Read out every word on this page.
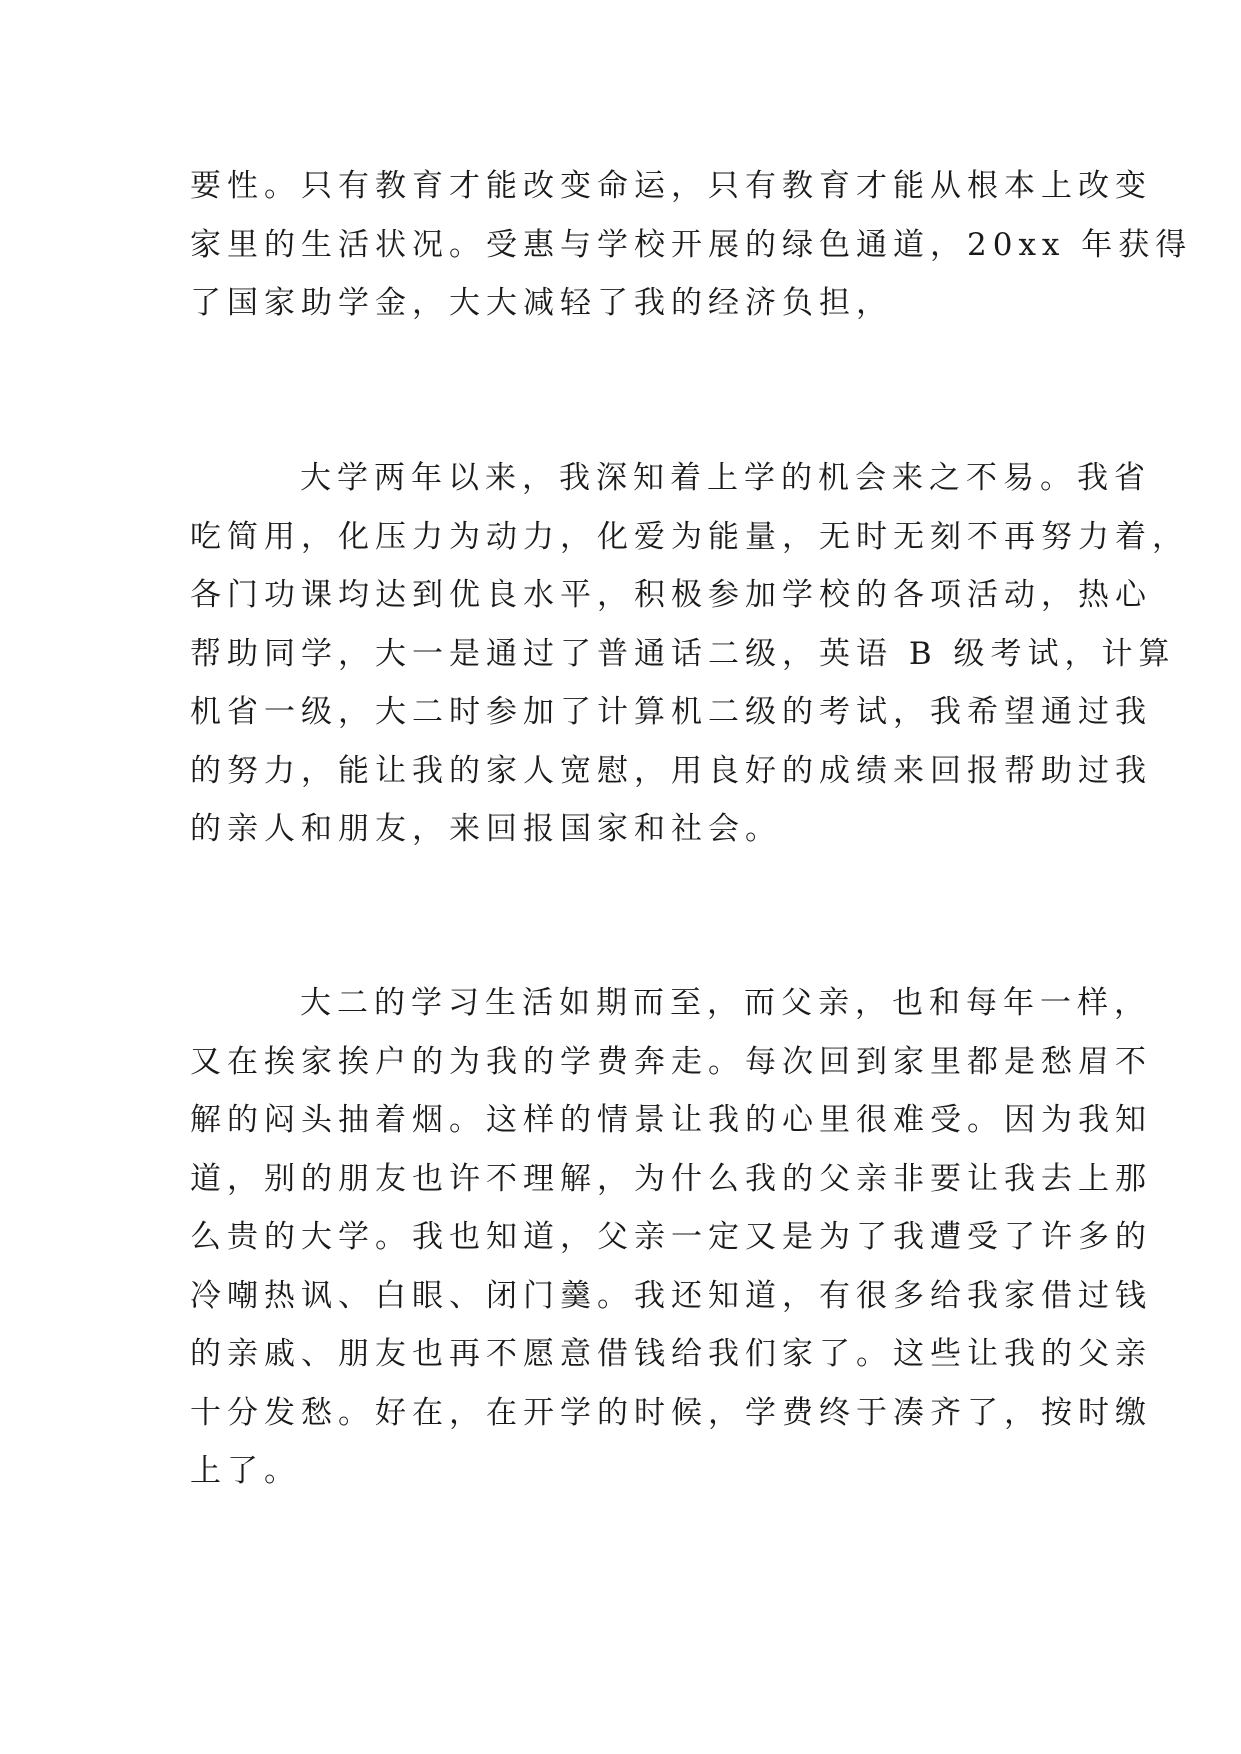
要性。只有教育才能改变命运，只有教育才能从根本上改变
家里的生活状况。受惠与学校开展的绿色通道，20xx 年获得
了国家助学金，大大减轻了我的经济负担，

大学两年以来，我深知着上学的机会来之不易。我省
吃简用，化压力为动力，化爱为能量，无时无刻不再努力着，
各门功课均达到优良水平，积极参加学校的各项活动，热心
帮助同学，大一是通过了普通话二级，英语 B 级考试，计算
机省一级，大二时参加了计算机二级的考试，我希望通过我
的努力，能让我的家人宽慰，用良好的成绩来回报帮助过我
的亲人和朋友，来回报国家和社会。

大二的学习生活如期而至，而父亲，也和每年一样，
又在挨家挨户的为我的学费奔走。每次回到家里都是愁眉不
解的闷头抽着烟。这样的情景让我的心里很难受。因为我知
道，别的朋友也许不理解，为什么我的父亲非要让我去上那
么贵的大学。我也知道，父亲一定又是为了我遭受了许多的
冷嘲热讽、白眼、闭门羹。我还知道，有很多给我家借过钱
的亲戚、朋友也再不愿意借钱给我们家了。这些让我的父亲
十分发愁。好在，在开学的时候，学费终于凑齐了，按时缴
上了。
